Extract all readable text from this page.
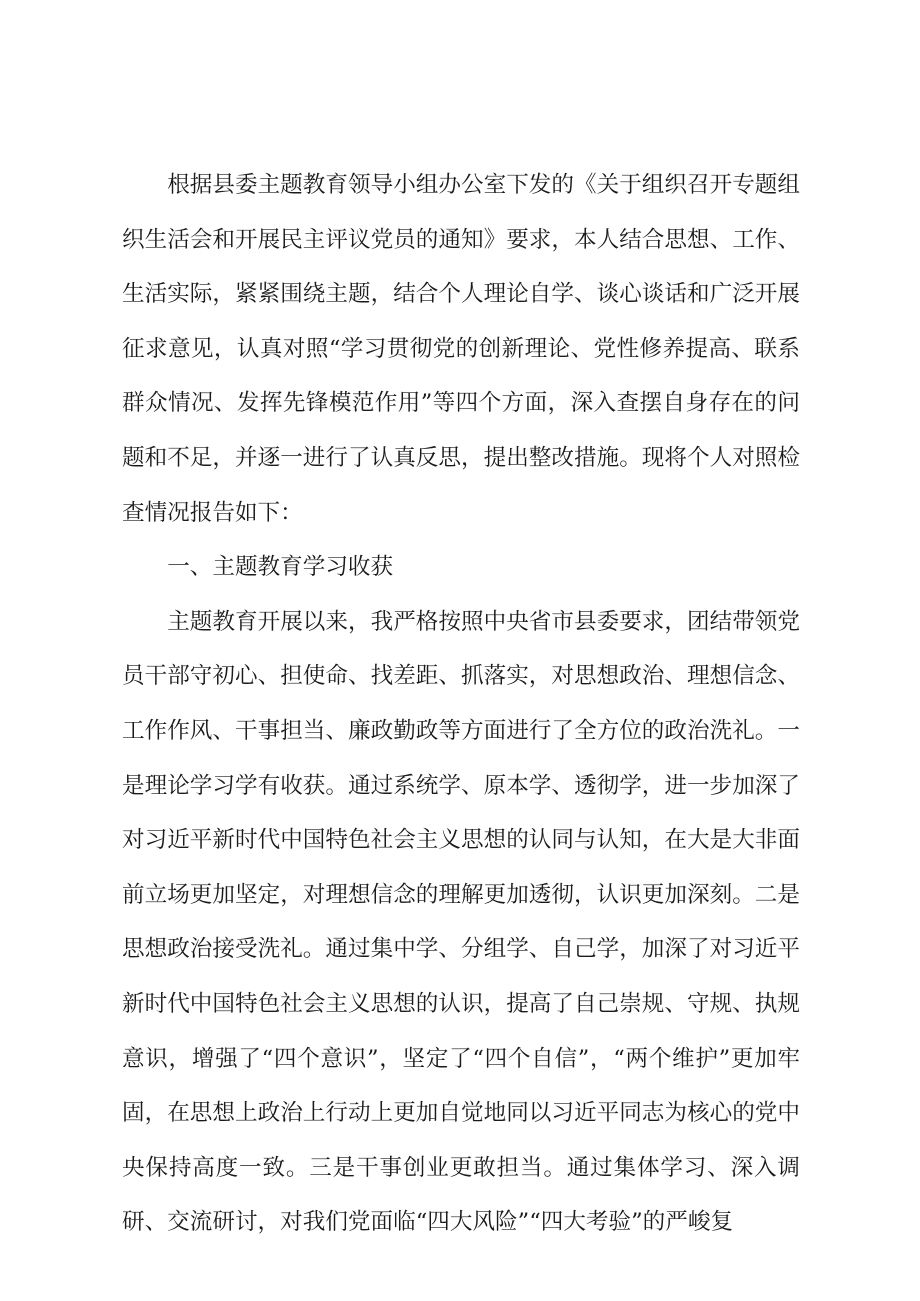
根据县委主题教育领导小组办公室下发的《关于组织召开专题组织生活会和开展民主评议党员的通知》要求，本人结合思想、工作、生活实际，紧紧围绕主题，结合个人理论自学、谈心谈话和广泛开展征求意见，认真对照“学习贯彻党的创新理论、党性修养提高、联系群众情况、发挥先锋模范作用”等四个方面，深入查摆自身存在的问题和不足，并逐一进行了认真反思，提出整改措施。现将个人对照检查情况报告如下：

一、主题教育学习收获

主题教育开展以来，我严格按照中央省市县委要求，团结带领党员干部守初心、担使命、找差距、抓落实，对思想政治、理想信念、工作作风、干事担当、廉政勤政等方面进行了全方位的政治洗礼。一是理论学习学有收获。通过系统学、原本学、透彻学，进一步加深了对习近平新时代中国特色社会主义思想的认同与认知，在大是大非面前立场更加坚定，对理想信念的理解更加透彻，认识更加深刻。二是思想政治接受洗礼。通过集中学、分组学、自己学，加深了对习近平新时代中国特色社会主义思想的认识，提高了自己崇规、守规、执规意识，增强了“四个意识”，坚定了“四个自信”，“两个维护”更加牢固，在思想上政治上行动上更加自觉地同以习近平同志为核心的党中央保持高度一致。三是干事创业更敢担当。通过集体学习、深入调研、交流研讨，对我们党面临“四大风险”“四大考验”的严峻复
